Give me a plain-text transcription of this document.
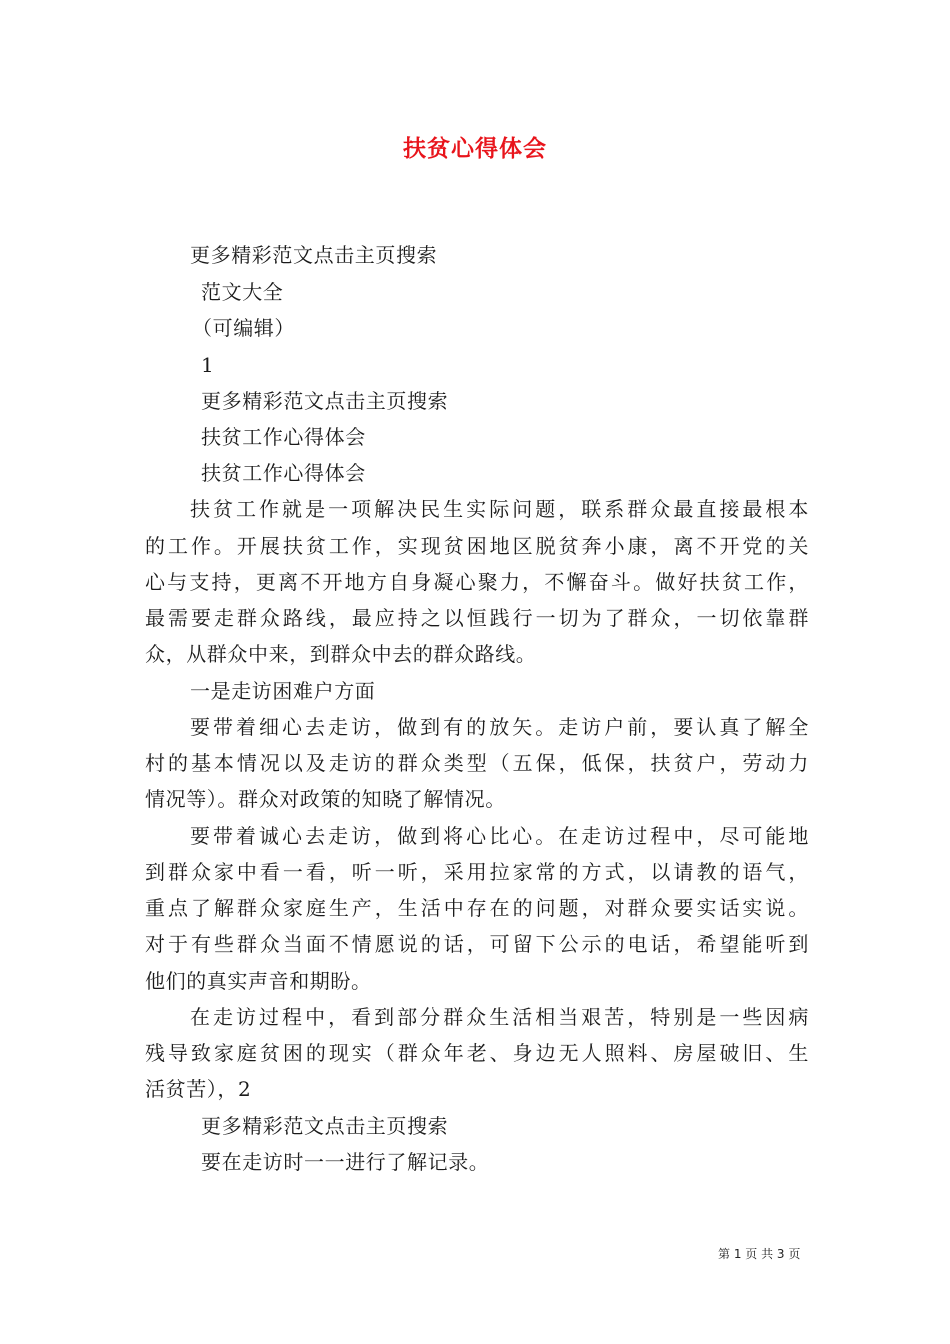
扶贫心得体会
更多精彩范文点击主页搜索
范文大全
（可编辑）
1
更多精彩范文点击主页搜索
扶贫工作心得体会
扶贫工作心得体会
扶贫工作就是一项解决民生实际问题，联系群众最直接最根本
的工作。开展扶贫工作，实现贫困地区脱贫奔小康，离不开党的关
心与支持，更离不开地方自身凝心聚力，不懈奋斗。做好扶贫工作，
最需要走群众路线，最应持之以恒践行一切为了群众，一切依靠群
众，从群众中来，到群众中去的群众路线。
一是走访困难户方面
要带着细心去走访，做到有的放矢。走访户前，要认真了解全
村的基本情况以及走访的群众类型（五保，低保，扶贫户，劳动力
情况等）。群众对政策的知晓了解情况。
要带着诚心去走访，做到将心比心。在走访过程中，尽可能地
到群众家中看一看，听一听，采用拉家常的方式，以请教的语气，
重点了解群众家庭生产，生活中存在的问题，对群众要实话实说。
对于有些群众当面不情愿说的话，可留下公示的电话，希望能听到
他们的真实声音和期盼。
在走访过程中，看到部分群众生活相当艰苦，特别是一些因病
残导致家庭贫困的现实（群众年老、身边无人照料、房屋破旧、生
活贫苦），2
更多精彩范文点击主页搜索
要在走访时一一进行了解记录。
第 1 页 共 3 页
